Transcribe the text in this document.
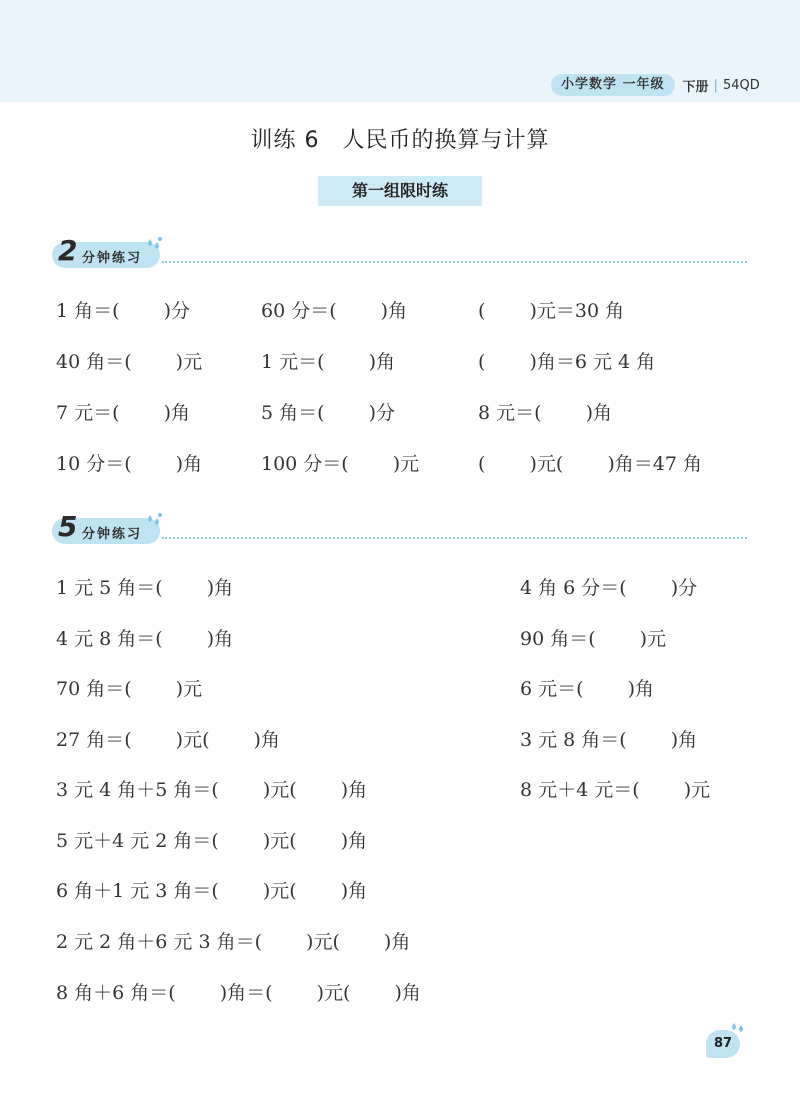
小学数学 一年级	下册 | 54QD
训练 6　人民币的换算与计算
第一组限时练
2 分钟练习
1 角＝(　　 )分	60 分＝(　　 )角	(　　 )元＝30 角
40 角＝(　　 )元	1 元＝(　　 )角	(　　 )角＝6 元 4 角
7 元＝(　　 )角	5 角＝(　　 )分	8 元＝(　　 )角
10 分＝(　　 )角	100 分＝(　　 )元	(　　 )元(　　 )角＝47 角
5 分钟练习
1 元 5 角＝(　　 )角	4 角 6 分＝(　　 )分
4 元 8 角＝(　　 )角	90 角＝(　　 )元
70 角＝(　　 )元	6 元＝(　　 )角
27 角＝(　　 )元(　　 )角	3 元 8 角＝(　　 )角
3 元 4 角＋5 角＝(　　 )元(　　 )角	8 元＋4 元＝(　　 )元
5 元＋4 元 2 角＝(　　 )元(　　 )角
6 角＋1 元 3 角＝(　　 )元(　　 )角
2 元 2 角＋6 元 3 角＝(　　 )元(　　 )角
8 角＋6 角＝(　　 )角＝(　　 )元(　　 )角
87
